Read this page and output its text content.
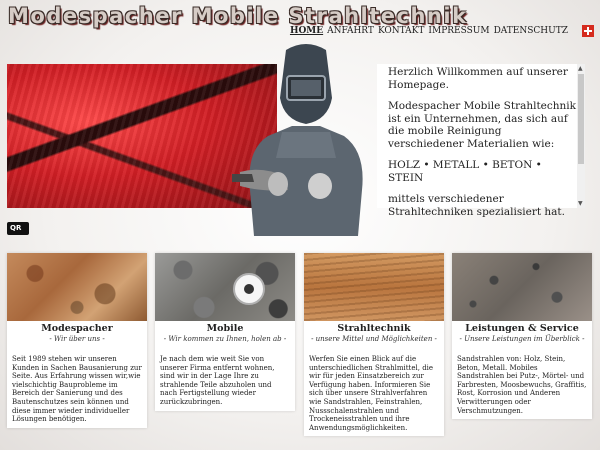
Modespacher Mobile Strahltechnik
HOME ANFAHRT KONTAKT IMPRESSUM DATENSCHUTZ

Herzlich Willkommen auf unserer Homepage.

Modespacher Mobile Strahltechnik ist ein Unternehmen, das sich auf die mobile Reinigung verschiedener Materialien wie:

HOLZ • METALL • BETON • STEIN

mittels verschiedener Strahltechniken spezialisiert hat.

▲
▼
QR
Modespacher
- Wir über uns -
Seit 1989 stehen wir unseren Kunden in Sachen Bausanierung zur Seite. Aus Erfahrung wissen wir,wie vielschichtig Bauprobleme im Bereich der Sanierung und des Bautenschutzes sein können und diese immer wieder individueller Lösungen benötigen.
Mobile
- Wir kommen zu Ihnen, holen ab -
Je nach dem wie weit Sie von unserer Firma entfernt wohnen, sind wir in der Lage Ihre zu strahlende Teile abzuholen und nach Fertigstellung wieder zurückzubringen.
Strahltechnik
- unsere Mittel und Möglichkeiten -
Werfen Sie einen Blick auf die unterschiedlichen Strahlmittel, die wir für jeden Einsatzbereich zur Verfügung haben. Informieren Sie sich über unsere Strahlverfahren wie Sandstrahlen, Feinstrahlen, Nussschalenstrahlen und Trockeneisstrahlen und ihre Anwendungsmöglichkeiten.
Leistungen & Service
- Unsere Leistungen im Überblick -
Sandstrahlen von: Holz, Stein, Beton, Metall. Mobiles Sandstrahlen bei Putz-, Mörtel- und Farbresten, Moosbewuchs, Graffitis, Rost, Korrosion und Anderen Verwitterungen oder Verschmutzungen.
